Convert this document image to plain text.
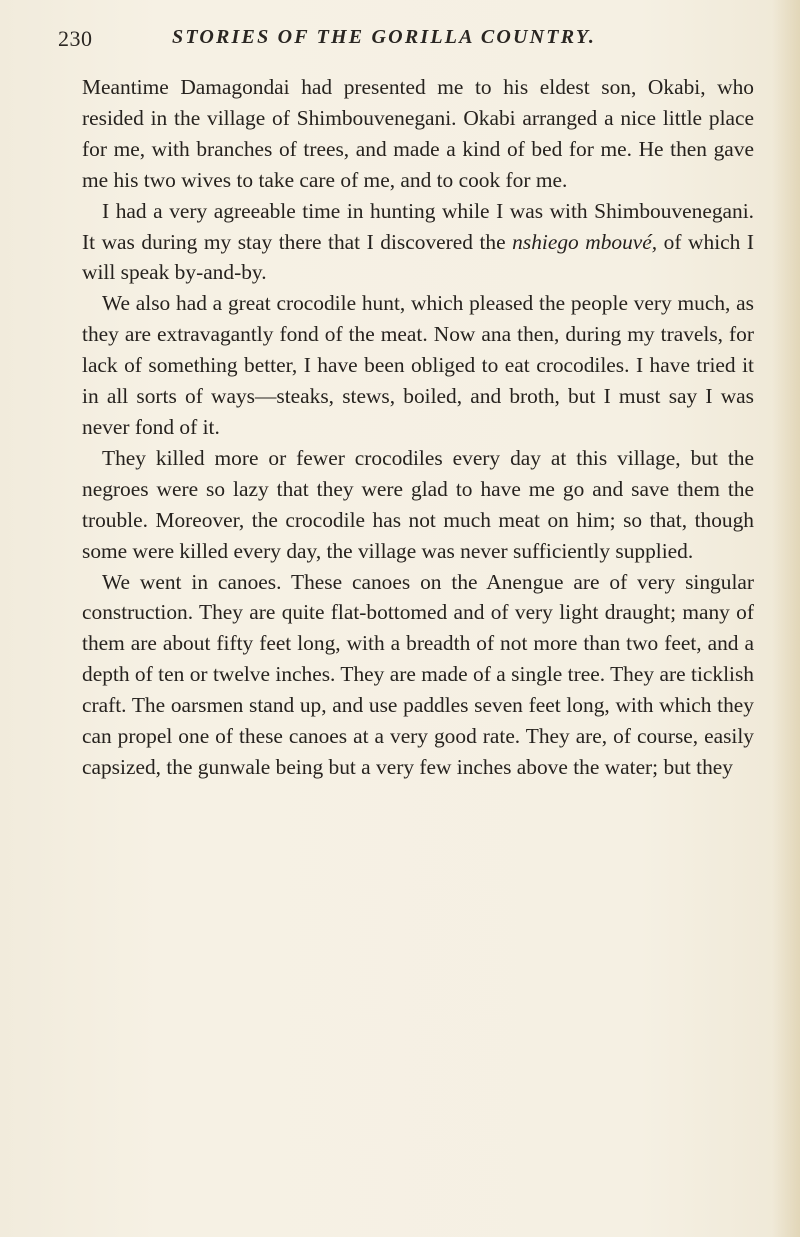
230	STORIES OF THE GORILLA COUNTRY.

Meantime Damagondai had presented me to his eldest son, Okabi, who resided in the village of Shimbouvenegani. Okabi arranged a nice little place for me, with branches of trees, and made a kind of bed for me. He then gave me his two wives to take care of me, and to cook for me.

I had a very agreeable time in hunting while I was with Shimbouvenegani. It was during my stay there that I discovered the nshiego mbouvé, of which I will speak by-and-by.

We also had a great crocodile hunt, which pleased the people very much, as they are extravagantly fond of the meat. Now ana then, during my travels, for lack of something better, I have been obliged to eat crocodiles. I have tried it in all sorts of ways—steaks, stews, boiled, and broth, but I must say I was never fond of it.

They killed more or fewer crocodiles every day at this village, but the negroes were so lazy that they were glad to have me go and save them the trouble. Moreover, the crocodile has not much meat on him; so that, though some were killed every day, the village was never sufficiently supplied.

We went in canoes. These canoes on the Anengue are of very singular construction. They are quite flat-bottomed and of very light draught; many of them are about fifty feet long, with a breadth of not more than two feet, and a depth of ten or twelve inches. They are made of a single tree. They are ticklish craft. The oarsmen stand up, and use paddles seven feet long, with which they can propel one of these canoes at a very good rate. They are, of course, easily capsized, the gunwale being but a very few inches above the water; but they
